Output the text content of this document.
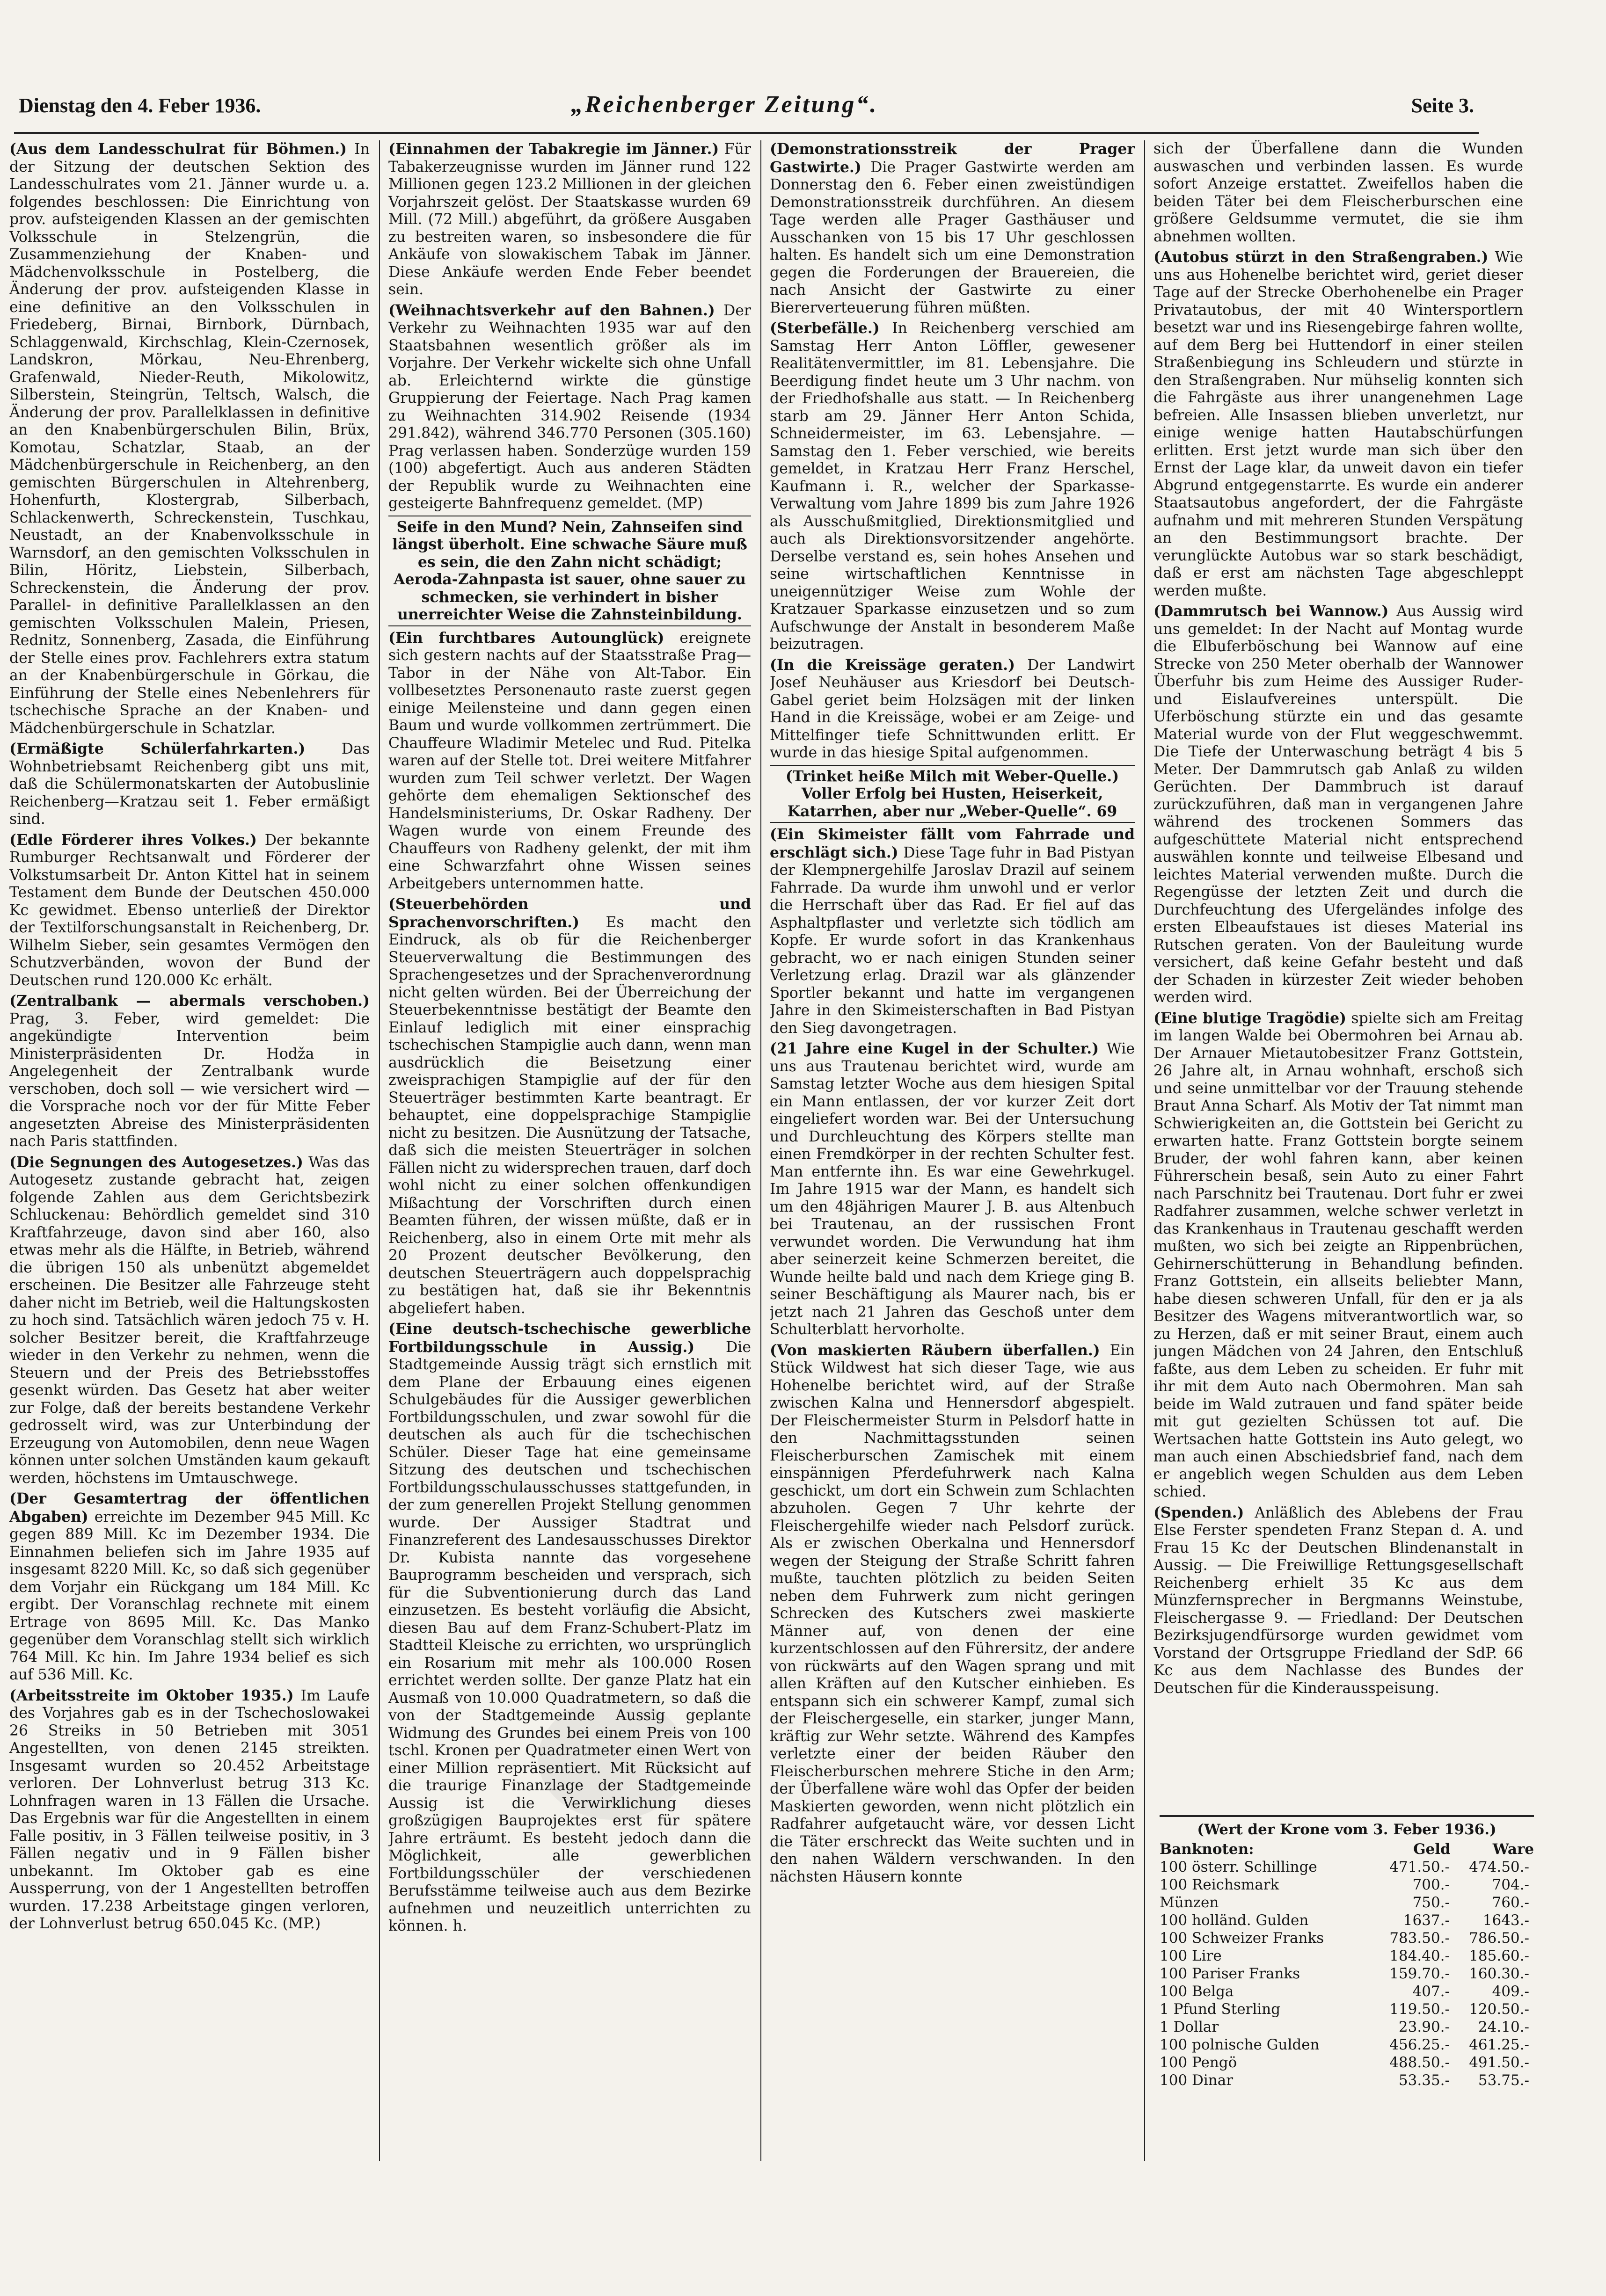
Dienstag den 4. Feber 1936.	„Reichenberger Zeitung“.	Seite 3.

(Aus dem Landesschulrat für Böhmen.) In der Sitzung der deutschen Sektion des Landesschulrates vom 21. Jänner wurde u. a. folgendes beschlossen: Die Einrichtung von prov. aufsteigenden Klassen an der gemischten Volksschule in Stelzengrün, die Zusammenziehung der Knaben- und Mädchenvolksschule in Postelberg, die Änderung der prov. aufsteigenden Klasse in eine definitive an den Volksschulen in Friedeberg, Birnai, Birnbork, Dürnbach, Schlaggenwald, Kirchschlag, Klein-Czernosek, Landskron, Mörkau, Neu-Ehrenberg, Grafenwald, Nieder-Reuth, Mikolowitz, Silberstein, Steingrün, Teltsch, Walsch, die Änderung der prov. Parallelklassen in definitive an den Knabenbürgerschulen Bilin, Brüx, Komotau, Schatzlar, Staab, an der Mädchenbürgerschule in Reichenberg, an den gemischten Bürgerschulen in Altehrenberg, Hohenfurth, Klostergrab, Silberbach, Schlackenwerth, Schreckenstein, Tuschkau, Neustadt, an der Knabenvolksschule in Warnsdorf, an den gemischten Volksschulen in Bilin, Höritz, Liebstein, Silberbach, Schreckenstein, die Änderung der prov. Parallel- in definitive Parallelklassen an den gemischten Volksschulen Malein, Priesen, Rednitz, Sonnenberg, Zasada, die Einführung der Stelle eines prov. Fachlehrers extra statum an der Knabenbürgerschule in Görkau, die Einführung der Stelle eines Nebenlehrers für tschechische Sprache an der Knaben- und Mädchenbürgerschule in Schatzlar.

(Ermäßigte Schülerfahrkarten.) Das Wohnbetriebsamt Reichenberg gibt uns mit, daß die Schülermonatskarten der Autobuslinie Reichenberg—Kratzau seit 1. Feber ermäßigt sind.

(Edle Förderer ihres Volkes.) Der bekannte Rumburger Rechtsanwalt und Förderer der Volkstumsarbeit Dr. Anton Kittel hat in seinem Testament dem Bunde der Deutschen 450.000 Kc gewidmet. Ebenso unterließ der Direktor der Textilforschungsanstalt in Reichenberg, Dr. Wilhelm Sieber, sein gesamtes Vermögen den Schutzverbänden, wovon der Bund der Deutschen rund 120.000 Kc erhält.

(Zentralbank — abermals verschoben.) Prag, 3. Feber, wird gemeldet: Die angekündigte Intervention beim Ministerpräsidenten Dr. Hodža in Angelegenheit der Zentralbank wurde verschoben, doch soll — wie versichert wird — die Vorsprache noch vor der für Mitte Feber angesetzten Abreise des Ministerpräsidenten nach Paris stattfinden.

(Die Segnungen des Autogesetzes.) Was das Autogesetz zustande gebracht hat, zeigen folgende Zahlen aus dem Gerichtsbezirk Schluckenau: Behördlich gemeldet sind 310 Kraftfahrzeuge, davon sind aber 160, also etwas mehr als die Hälfte, in Betrieb, während die übrigen 150 als unbenützt abgemeldet erscheinen. Die Besitzer alle Fahrzeuge steht daher nicht im Betrieb, weil die Haltungskosten zu hoch sind. Tatsächlich wären jedoch 75 v. H. solcher Besitzer bereit, die Kraftfahrzeuge wieder in den Verkehr zu nehmen, wenn die Steuern und der Preis des Betriebsstoffes gesenkt würden. Das Gesetz hat aber weiter zur Folge, daß der bereits bestandene Verkehr gedrosselt wird, was zur Unterbindung der Erzeugung von Automobilen, denn neue Wagen können unter solchen Umständen kaum gekauft werden, höchstens im Umtauschwege.

(Der Gesamtertrag der öffentlichen Abgaben) erreichte im Dezember 945 Mill. Kc gegen 889 Mill. Kc im Dezember 1934. Die Einnahmen beliefen sich im Jahre 1935 auf insgesamt 8220 Mill. Kc, so daß sich gegenüber dem Vorjahr ein Rückgang um 184 Mill. Kc ergibt. Der Voranschlag rechnete mit einem Ertrage von 8695 Mill. Kc. Das Manko gegenüber dem Voranschlag stellt sich wirklich 764 Mill. Kc hin. Im Jahre 1934 belief es sich auf 536 Mill. Kc.

(Arbeitsstreite im Oktober 1935.) Im Laufe des Vorjahres gab es in der Tschechoslowakei 26 Streiks in 50 Betrieben mit 3051 Angestellten, von denen 2145 streikten. Insgesamt wurden so 20.452 Arbeitstage verloren. Der Lohnverlust betrug 313 Kc. Lohnfragen waren in 13 Fällen die Ursache. Das Ergebnis war für die Angestellten in einem Falle positiv, in 3 Fällen teilweise positiv, in 3 Fällen negativ und in 9 Fällen bisher unbekannt. Im Oktober gab es eine Aussperrung, von der 1 Angestellten betroffen wurden. 17.238 Arbeitstage gingen verloren, der Lohnverlust betrug 650.045 Kc. (MP.)

(Einnahmen der Tabakregie im Jänner.) Für Tabakerzeugnisse wurden im Jänner rund 122 Millionen gegen 123.2 Millionen in der gleichen Vorjahrszeit gelöst. Der Staatskasse wurden 69 Mill. (72 Mill.) abgeführt, da größere Ausgaben zu bestreiten waren, so insbesondere die für Ankäufe von slowakischem Tabak im Jänner. Diese Ankäufe werden Ende Feber beendet sein.

(Weihnachtsverkehr auf den Bahnen.) Der Verkehr zu Weihnachten 1935 war auf den Staatsbahnen wesentlich größer als im Vorjahre. Der Verkehr wickelte sich ohne Unfall ab. Erleichternd wirkte die günstige Gruppierung der Feiertage. Nach Prag kamen zu Weihnachten 314.902 Reisende (1934 291.842), während 346.770 Personen (305.160) Prag verlassen haben. Sonderzüge wurden 159 (100) abgefertigt. Auch aus anderen Städten der Republik wurde zu Weihnachten eine gesteigerte Bahnfrequenz gemeldet. (MP)

Seife in den Mund? Nein, Zahnseifen sind längst überholt. Eine schwache Säure muß es sein, die den Zahn nicht schädigt; Aeroda-Zahnpasta ist sauer, ohne sauer zu schmecken, sie verhindert in bisher unerreichter Weise die Zahnsteinbildung.

(Ein furchtbares Autounglück) ereignete sich gestern nachts auf der Staatsstraße Prag—Tabor in der Nähe von Alt-Tabor. Ein vollbesetztes Personenauto raste zuerst gegen einige Meilensteine und dann gegen einen Baum und wurde vollkommen zertrümmert. Die Chauffeure Wladimir Metelec und Rud. Pitelka waren auf der Stelle tot. Drei weitere Mitfahrer wurden zum Teil schwer verletzt. Der Wagen gehörte dem ehemaligen Sektionschef des Handelsministeriums, Dr. Oskar Radheny. Der Wagen wurde von einem Freunde des Chauffeurs von Radheny gelenkt, der mit ihm eine Schwarzfahrt ohne Wissen seines Arbeitgebers unternommen hatte.

(Steuerbehörden und Sprachenvorschriften.) Es macht den Eindruck, als ob für die Reichenberger Steuerverwaltung die Bestimmungen des Sprachengesetzes und der Sprachenverordnung nicht gelten würden. Bei der Überreichung der Steuerbekenntnisse bestätigt der Beamte den Einlauf lediglich mit einer einsprachig tschechischen Stampiglie auch dann, wenn man ausdrücklich die Beisetzung einer zweisprachigen Stampiglie auf der für den Steuerträger bestimmten Karte beantragt. Er behauptet, eine doppelsprachige Stampiglie nicht zu besitzen. Die Ausnützung der Tatsache, daß sich die meisten Steuerträger in solchen Fällen nicht zu widersprechen trauen, darf doch wohl nicht zu einer solchen offenkundigen Mißachtung der Vorschriften durch einen Beamten führen, der wissen müßte, daß er in Reichenberg, also in einem Orte mit mehr als 20 Prozent deutscher Bevölkerung, den deutschen Steuerträgern auch doppelsprachig zu bestätigen hat, daß sie ihr Bekenntnis abgeliefert haben.

(Eine deutsch-tschechische gewerbliche Fortbildungsschule in Aussig.) Die Stadtgemeinde Aussig trägt sich ernstlich mit dem Plane der Erbauung eines eigenen Schulgebäudes für die Aussiger gewerblichen Fortbildungsschulen, und zwar sowohl für die deutschen als auch für die tschechischen Schüler. Dieser Tage hat eine gemeinsame Sitzung des deutschen und tschechischen Fortbildungsschulausschusses stattgefunden, in der zum generellen Projekt Stellung genommen wurde. Der Aussiger Stadtrat und Finanzreferent des Landesausschusses Direktor Dr. Kubista nannte das vorgesehene Bauprogramm bescheiden und versprach, sich für die Subventionierung durch das Land einzusetzen. Es besteht vorläufig die Absicht, diesen Bau auf dem Franz-Schubert-Platz im Stadtteil Kleische zu errichten, wo ursprünglich ein Rosarium mit mehr als 100.000 Rosen errichtet werden sollte. Der ganze Platz hat ein Ausmaß von 10.000 Quadratmetern, so daß die von der Stadtgemeinde Aussig geplante Widmung des Grundes bei einem Preis von 100 tschl. Kronen per Quadratmeter einen Wert von einer Million repräsentiert. Mit Rücksicht auf die traurige Finanzlage der Stadtgemeinde Aussig ist die Verwirklichung dieses großzügigen Bauprojektes erst für spätere Jahre erträumt. Es besteht jedoch dann die Möglichkeit, alle gewerblichen Fortbildungsschüler der verschiedenen Berufsstämme teilweise auch aus dem Bezirke aufnehmen und neuzeitlich unterrichten zu können. h.

(Demonstrationsstreik der Prager Gastwirte.) Die Prager Gastwirte werden am Donnerstag den 6. Feber einen zweistündigen Demonstrationsstreik durchführen. An diesem Tage werden alle Prager Gasthäuser und Ausschanken von 15 bis 17 Uhr geschlossen halten. Es handelt sich um eine Demonstration gegen die Forderungen der Brauereien, die nach Ansicht der Gastwirte zu einer Biererverteuerung führen müßten.

(Sterbefälle.) In Reichenberg verschied am Samstag Herr Anton Löffler, gewesener Realitätenvermittler, im 81. Lebensjahre. Die Beerdigung findet heute um 3 Uhr nachm. von der Friedhofshalle aus statt. — In Reichenberg starb am 29. Jänner Herr Anton Schida, Schneidermeister, im 63. Lebensjahre. — Samstag den 1. Feber verschied, wie bereits gemeldet, in Kratzau Herr Franz Herschel, Kaufmann i. R., welcher der Sparkasse-Verwaltung vom Jahre 1899 bis zum Jahre 1926 als Ausschußmitglied, Direktionsmitglied und auch als Direktionsvorsitzender angehörte. Derselbe verstand es, sein hohes Ansehen und seine wirtschaftlichen Kenntnisse in uneigennütziger Weise zum Wohle der Kratzauer Sparkasse einzusetzen und so zum Aufschwunge der Anstalt in besonderem Maße beizutragen.

(In die Kreissäge geraten.) Der Landwirt Josef Neuhäuser aus Kriesdorf bei Deutsch-Gabel geriet beim Holzsägen mit der linken Hand in die Kreissäge, wobei er am Zeige- und Mittelfinger tiefe Schnittwunden erlitt. Er wurde in das hiesige Spital aufgenommen.

(Trinket heiße Milch mit Weber-Quelle.) Voller Erfolg bei Husten, Heiserkeit, Katarrhen, aber nur „Weber-Quelle“. 69

(Ein Skimeister fällt vom Fahrrade und erschlägt sich.) Diese Tage fuhr in Bad Pistyan der Klempnergehilfe Jaroslav Drazil auf seinem Fahrrade. Da wurde ihm unwohl und er verlor die Herrschaft über das Rad. Er fiel auf das Asphaltpflaster und verletzte sich tödlich am Kopfe. Er wurde sofort in das Krankenhaus gebracht, wo er nach einigen Stunden seiner Verletzung erlag. Drazil war als glänzender Sportler bekannt und hatte im vergangenen Jahre in den Skimeisterschaften in Bad Pistyan den Sieg davongetragen.

(21 Jahre eine Kugel in der Schulter.) Wie uns aus Trautenau berichtet wird, wurde am Samstag letzter Woche aus dem hiesigen Spital ein Mann entlassen, der vor kurzer Zeit dort eingeliefert worden war. Bei der Untersuchung und Durchleuchtung des Körpers stellte man einen Fremdkörper in der rechten Schulter fest. Man entfernte ihn. Es war eine Gewehrkugel. Im Jahre 1915 war der Mann, es handelt sich um den 48jährigen Maurer J. B. aus Altenbuch bei Trautenau, an der russischen Front verwundet worden. Die Verwundung hat ihm aber seinerzeit keine Schmerzen bereitet, die Wunde heilte bald und nach dem Kriege ging B. seiner Beschäftigung als Maurer nach, bis er jetzt nach 21 Jahren das Geschoß unter dem Schulterblatt hervorholte.

(Von maskierten Räubern überfallen.) Ein Stück Wildwest hat sich dieser Tage, wie aus Hohenelbe berichtet wird, auf der Straße zwischen Kalna und Hennersdorf abgespielt. Der Fleischermeister Sturm in Pelsdorf hatte in den Nachmittagsstunden seinen Fleischerburschen Zamischek mit einem einspännigen Pferdefuhrwerk nach Kalna geschickt, um dort ein Schwein zum Schlachten abzuholen. Gegen 7 Uhr kehrte der Fleischergehilfe wieder nach Pelsdorf zurück. Als er zwischen Oberkalna und Hennersdorf wegen der Steigung der Straße Schritt fahren mußte, tauchten plötzlich zu beiden Seiten neben dem Fuhrwerk zum nicht geringen Schrecken des Kutschers zwei maskierte Männer auf, von denen der eine kurzentschlossen auf den Führersitz, der andere von rückwärts auf den Wagen sprang und mit allen Kräften auf den Kutscher einhieben. Es entspann sich ein schwerer Kampf, zumal sich der Fleischergeselle, ein starker, junger Mann, kräftig zur Wehr setzte. Während des Kampfes verletzte einer der beiden Räuber den Fleischerburschen mehrere Stiche in den Arm; der Überfallene wäre wohl das Opfer der beiden Maskierten geworden, wenn nicht plötzlich ein Radfahrer aufgetaucht wäre, vor dessen Licht die Täter erschreckt das Weite suchten und in den nahen Wäldern verschwanden. In den nächsten Häusern konnte

sich der Überfallene dann die Wunden auswaschen und verbinden lassen. Es wurde sofort Anzeige erstattet. Zweifellos haben die beiden Täter bei dem Fleischerburschen eine größere Geldsumme vermutet, die sie ihm abnehmen wollten.

(Autobus stürzt in den Straßengraben.) Wie uns aus Hohenelbe berichtet wird, geriet dieser Tage auf der Strecke Oberhohenelbe ein Prager Privatautobus, der mit 40 Wintersportlern besetzt war und ins Riesengebirge fahren wollte, auf dem Berg bei Huttendorf in einer steilen Straßenbiegung ins Schleudern und stürzte in den Straßengraben. Nur mühselig konnten sich die Fahrgäste aus ihrer unangenehmen Lage befreien. Alle Insassen blieben unverletzt, nur einige wenige hatten Hautabschürfungen erlitten. Erst jetzt wurde man sich über den Ernst der Lage klar, da unweit davon ein tiefer Abgrund entgegenstarrte. Es wurde ein anderer Staatsautobus angefordert, der die Fahrgäste aufnahm und mit mehreren Stunden Verspätung an den Bestimmungsort brachte. Der verunglückte Autobus war so stark beschädigt, daß er erst am nächsten Tage abgeschleppt werden mußte.

(Dammrutsch bei Wannow.) Aus Aussig wird uns gemeldet: In der Nacht auf Montag wurde die Elbuferböschung bei Wannow auf eine Strecke von 250 Meter oberhalb der Wannower Überfuhr bis zum Heime des Aussiger Ruder- und Eislaufvereines unterspült. Die Uferböschung stürzte ein und das gesamte Material wurde von der Flut weggeschwemmt. Die Tiefe der Unterwaschung beträgt 4 bis 5 Meter. Der Dammrutsch gab Anlaß zu wilden Gerüchten. Der Dammbruch ist darauf zurückzuführen, daß man in vergangenen Jahre während des trockenen Sommers das aufgeschüttete Material nicht entsprechend auswählen konnte und teilweise Elbesand und leichtes Material verwenden mußte. Durch die Regengüsse der letzten Zeit und durch die Durchfeuchtung des Ufergeländes infolge des ersten Elbeaufstaues ist dieses Material ins Rutschen geraten. Von der Bauleitung wurde versichert, daß keine Gefahr besteht und daß der Schaden in kürzester Zeit wieder behoben werden wird.

(Eine blutige Tragödie) spielte sich am Freitag im langen Walde bei Obermohren bei Arnau ab. Der Arnauer Mietautobesitzer Franz Gottstein, 26 Jahre alt, in Arnau wohnhaft, erschoß sich und seine unmittelbar vor der Trauung stehende Braut Anna Scharf. Als Motiv der Tat nimmt man Schwierigkeiten an, die Gottstein bei Gericht zu erwarten hatte. Franz Gottstein borgte seinem Bruder, der wohl fahren kann, aber keinen Führerschein besaß, sein Auto zu einer Fahrt nach Parschnitz bei Trautenau. Dort fuhr er zwei Radfahrer zusammen, welche schwer verletzt in das Krankenhaus in Trautenau geschafft werden mußten, wo sich bei zeigte an Rippenbrüchen, Gehirnerschütterung in Behandlung befinden. Franz Gottstein, ein allseits beliebter Mann, habe diesen schweren Unfall, für den er ja als Besitzer des Wagens mitverantwortlich war, so zu Herzen, daß er mit seiner Braut, einem auch jungen Mädchen von 24 Jahren, den Entschluß faßte, aus dem Leben zu scheiden. Er fuhr mit ihr mit dem Auto nach Obermohren. Man sah beide im Wald zutrauen und fand später beide mit gut gezielten Schüssen tot auf. Die Wertsachen hatte Gottstein ins Auto gelegt, wo man auch einen Abschiedsbrief fand, nach dem er angeblich wegen Schulden aus dem Leben schied.

(Spenden.) Anläßlich des Ablebens der Frau Else Ferster spendeten Franz Stepan d. A. und Frau 15 Kc der Deutschen Blindenanstalt in Aussig. — Die Freiwillige Rettungsgesellschaft Reichenberg erhielt 35 Kc aus dem Münzfernsprecher in Bergmanns Weinstube, Fleischergasse 9. — Friedland: Der Deutschen Bezirksjugendfürsorge wurden gewidmet vom Vorstand der Ortsgruppe Friedland der SdP. 66 Kc aus dem Nachlasse des Bundes der Deutschen für die Kinderausspeisung.

(Wert der Krone vom 3. Feber 1936.)
Banknoten:	Geld	Ware
100 österr. Schillinge	471.50.-	474.50.-
100 Reichsmark	700.-	704.-
Münzen	750.-	760.-
100 holländ. Gulden	1637.-	1643.-
100 Schweizer Franks	783.50.-	786.50.-
100 Lire	184.40.-	185.60.-
100 Pariser Franks	159.70.-	160.30.-
100 Belga	407.-	409.-
1 Pfund Sterling	119.50.-	120.50.-
1 Dollar	23.90.-	24.10.-
100 polnische Gulden	456.25.-	461.25.-
100 Pengö	488.50.-	491.50.-
100 Dinar	53.35.-	53.75.-
